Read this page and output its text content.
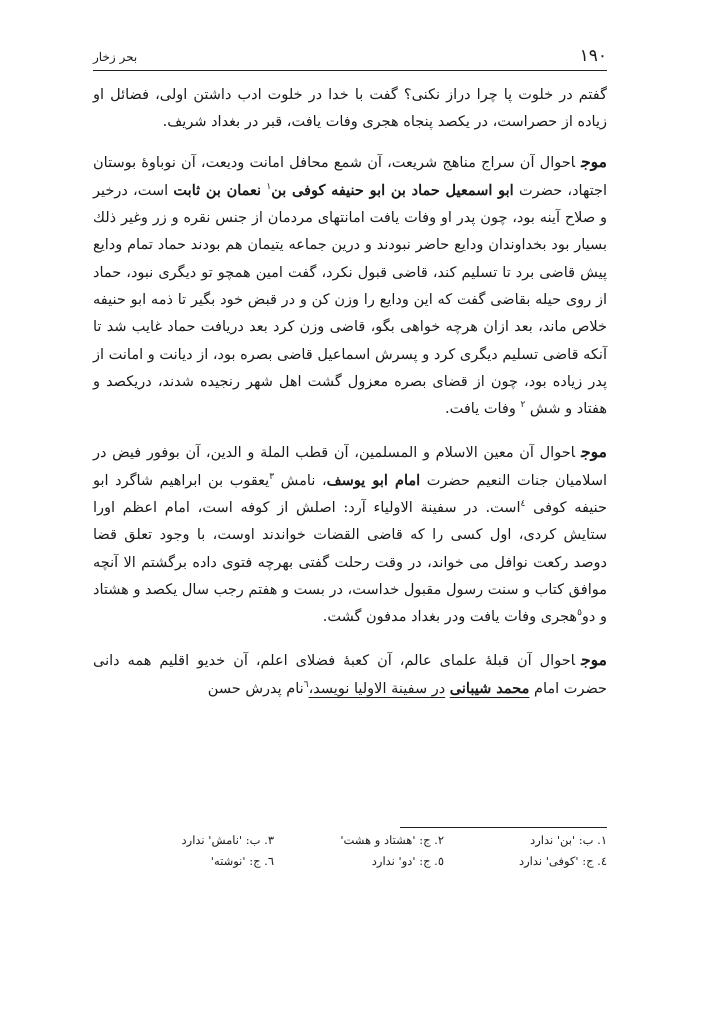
١٩٠
بحر زخار

گفتم در خلوت پا چرا دراز نکنی؟ گفت با خدا در خلوت ادب داشتن اولی، فضائل او زیاده از حصراست، در یکصد پنجاه هجری وفات یافت، قبر در بغداد شریف.

موجاحوال آن سراج مناهج شریعت، آن شمع محافل امانت ودیعت، آن نوباوۀ بوستان اجتهاد، حضرت ابو اسمعیل حماد بن ابو حنیفه کوفی بن$^١$ نعمان بن ثابت است، درخیر و صلاح آینه بود، چون پدر او وفات یافت امانتهای مردمان از جنس نقره و زر وغیر ذلك بسیار بود بخداوندان ودایع حاضر نبودند و درین جماعه یتیمان هم بودند حماد تمام ودایع پیش قاضی برد تا تسلیم کند، قاضی قبول نکرد، گفت امین همچو تو دیگری نبود، حماد از روی حیله بقاضی گفت که این ودایع را وزن کن و در قبض خود بگیر تا ذمه ابو حنیفه خلاص ماند، بعد ازان هرچه خواهی بگو، قاضی وزن کرد بعد دریافت حماد غایب شد تا آنکه قاضی تسلیم دیگری کرد و پسرش اسماعیل قاضی بصره بود، از دیانت و امانت از پدر زیاده بود، چون از قضای بصره معزول گشت اهل شهر رنجیده شدند، دریکصد و هفتاد و شش $^٢$ وفات یافت.

موجاحوال آن معین الاسلام و المسلمین، آن قطب الملة و الدین، آن بوفور فیض در اسلامیان جنات النعیم حضرت امام ابو یوسف، نامش $^٣$یعقوب بن ابراهیم شاگرد ابو حنیفه کوفی $^٤$است. در سفینة الاولیاء آرد: اصلش از کوفه است، امام اعظم اورا ستایش کردی، اول کسی را که قاضی القضات خواندند اوست، با وجود تعلق قضا دوصد رکعت نوافل می خواند، در وقت رحلت گفتی بهرچه فتوی داده برگشتم الا آنچه موافق کتاب و سنت رسول مقبول خداست، در بست و هفتم رجب سال یکصد و هشتاد و دو$^٥$هجری وفات یافت ودر بغداد مدفون گشت.

موجاحوال آن قبلۀ علمای عالم، آن کعبۀ فضلای اعلم، آن خدیو اقلیم همه دانی حضرت امام محمد شیبانی در سفینة الاولیا نویسد،$^٦$نام پدرش حسن

١. ب: 'بن' ندارد
٢. ج: 'هشتاد و هشت'
٣. ب: 'نامش' ندارد
٤. ج: 'کوفی' ندارد
٥. ج: 'دو' ندارد
٦. ج: 'نوشته'
